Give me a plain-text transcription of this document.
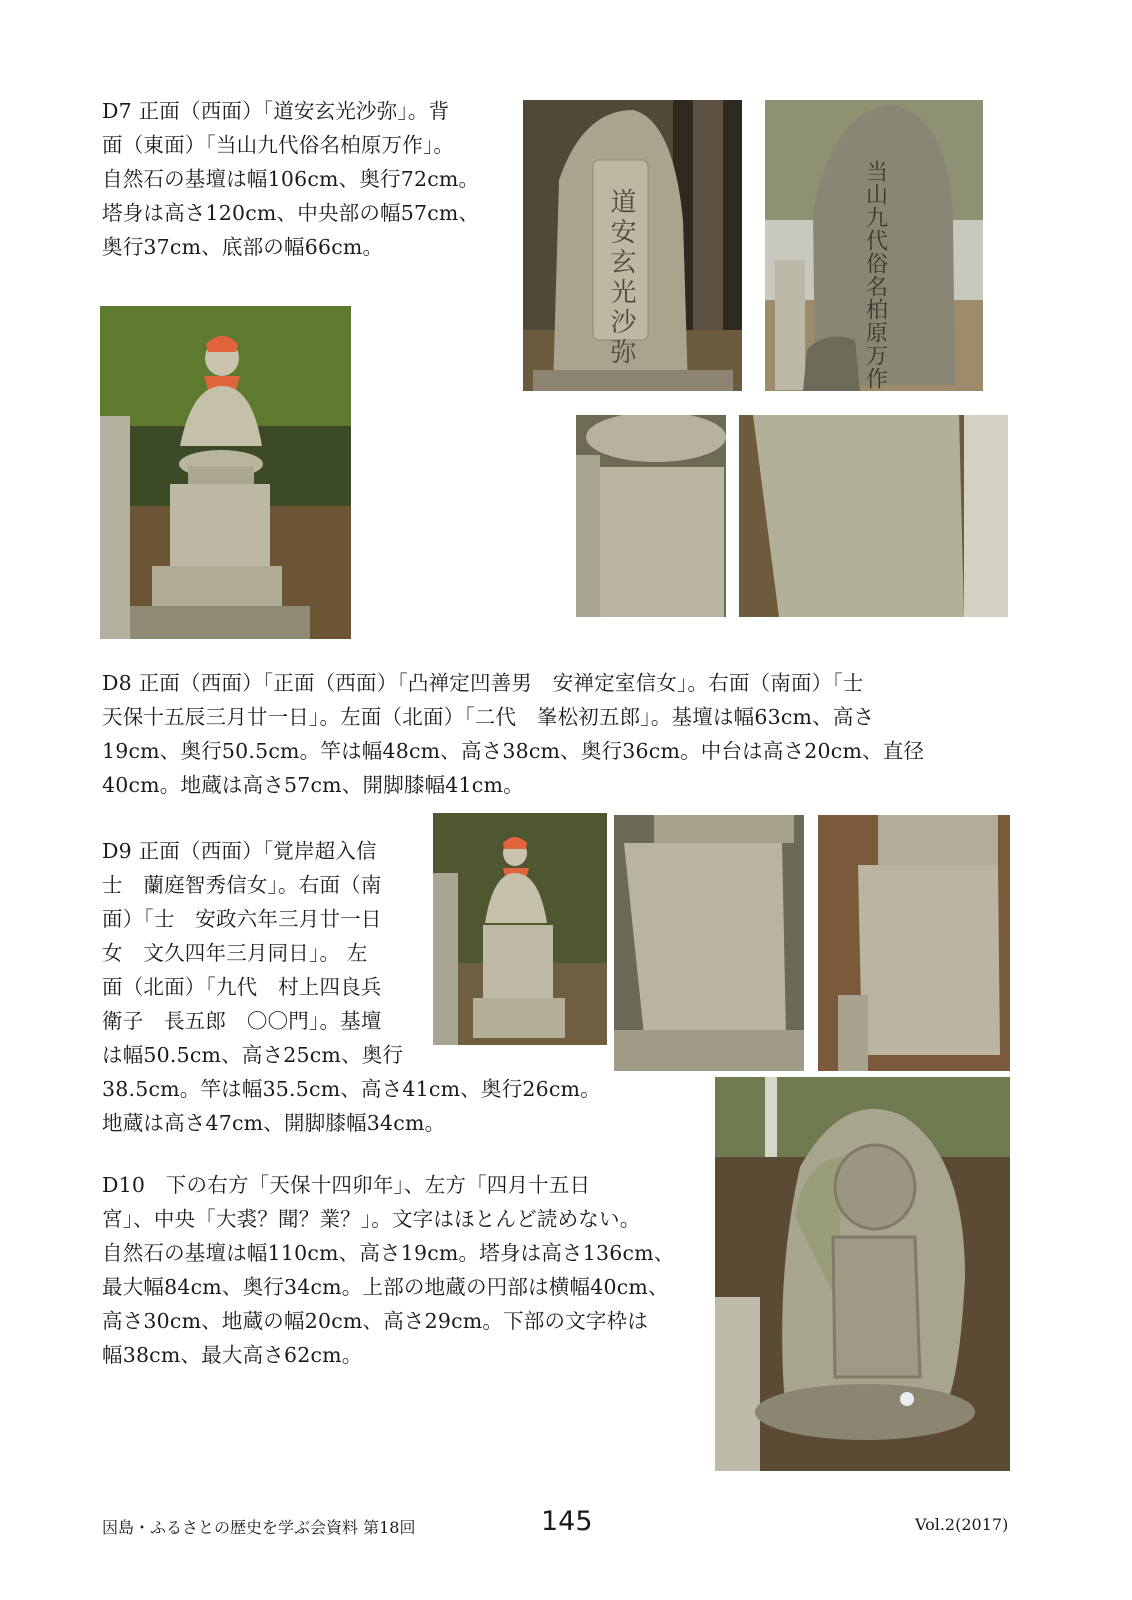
D7 正面（西面）「道安玄光沙弥」。背
面（東面）「当山九代俗名柏原万作」。
自然石の基壇は幅106cm、奥行72cm。
塔身は高さ120cm、中央部の幅57cm、
奥行37cm、底部の幅66cm。	道安玄光沙弥	当山九代俗名柏原万作

D8 正面（西面）「正面（西面）「凸禅定凹善男　安禅定室信女」。右面（南面）「士
天保十五辰三月廿一日」。左面（北面）「二代　峯松初五郎」。基壇は幅63cm、高さ
19cm、奥行50.5cm。竿は幅48cm、高さ38cm、奥行36cm。中台は高さ20cm、直径
40cm。地蔵は高さ57cm、開脚膝幅41cm。

D9 正面（西面）「覚岸超入信
士　蘭庭智秀信女」。右面（南
面）「士　安政六年三月廿一日
女　文久四年三月同日」。 左
面（北面）「九代　村上四良兵
衛子　長五郎　〇〇門」。基壇
は幅50.5cm、高さ25cm、奥行
38.5cm。竿は幅35.5cm、高さ41cm、奥行26cm。
地蔵は高さ47cm、開脚膝幅34cm。

D10　下の右方「天保十四卯年」、左方「四月十五日
宮」、中央「大裘？聞？業？」。文字はほとんど読めない。
自然石の基壇は幅110cm、高さ19cm。塔身は高さ136cm、
最大幅84cm、奥行34cm。上部の地蔵の円部は横幅40cm、
高さ30cm、地蔵の幅20cm、高さ29cm。下部の文字枠は
幅38cm、最大高さ62cm。

因島・ふるさとの歴史を学ぶ会資料 第18回	145	Vol.2(2017)
